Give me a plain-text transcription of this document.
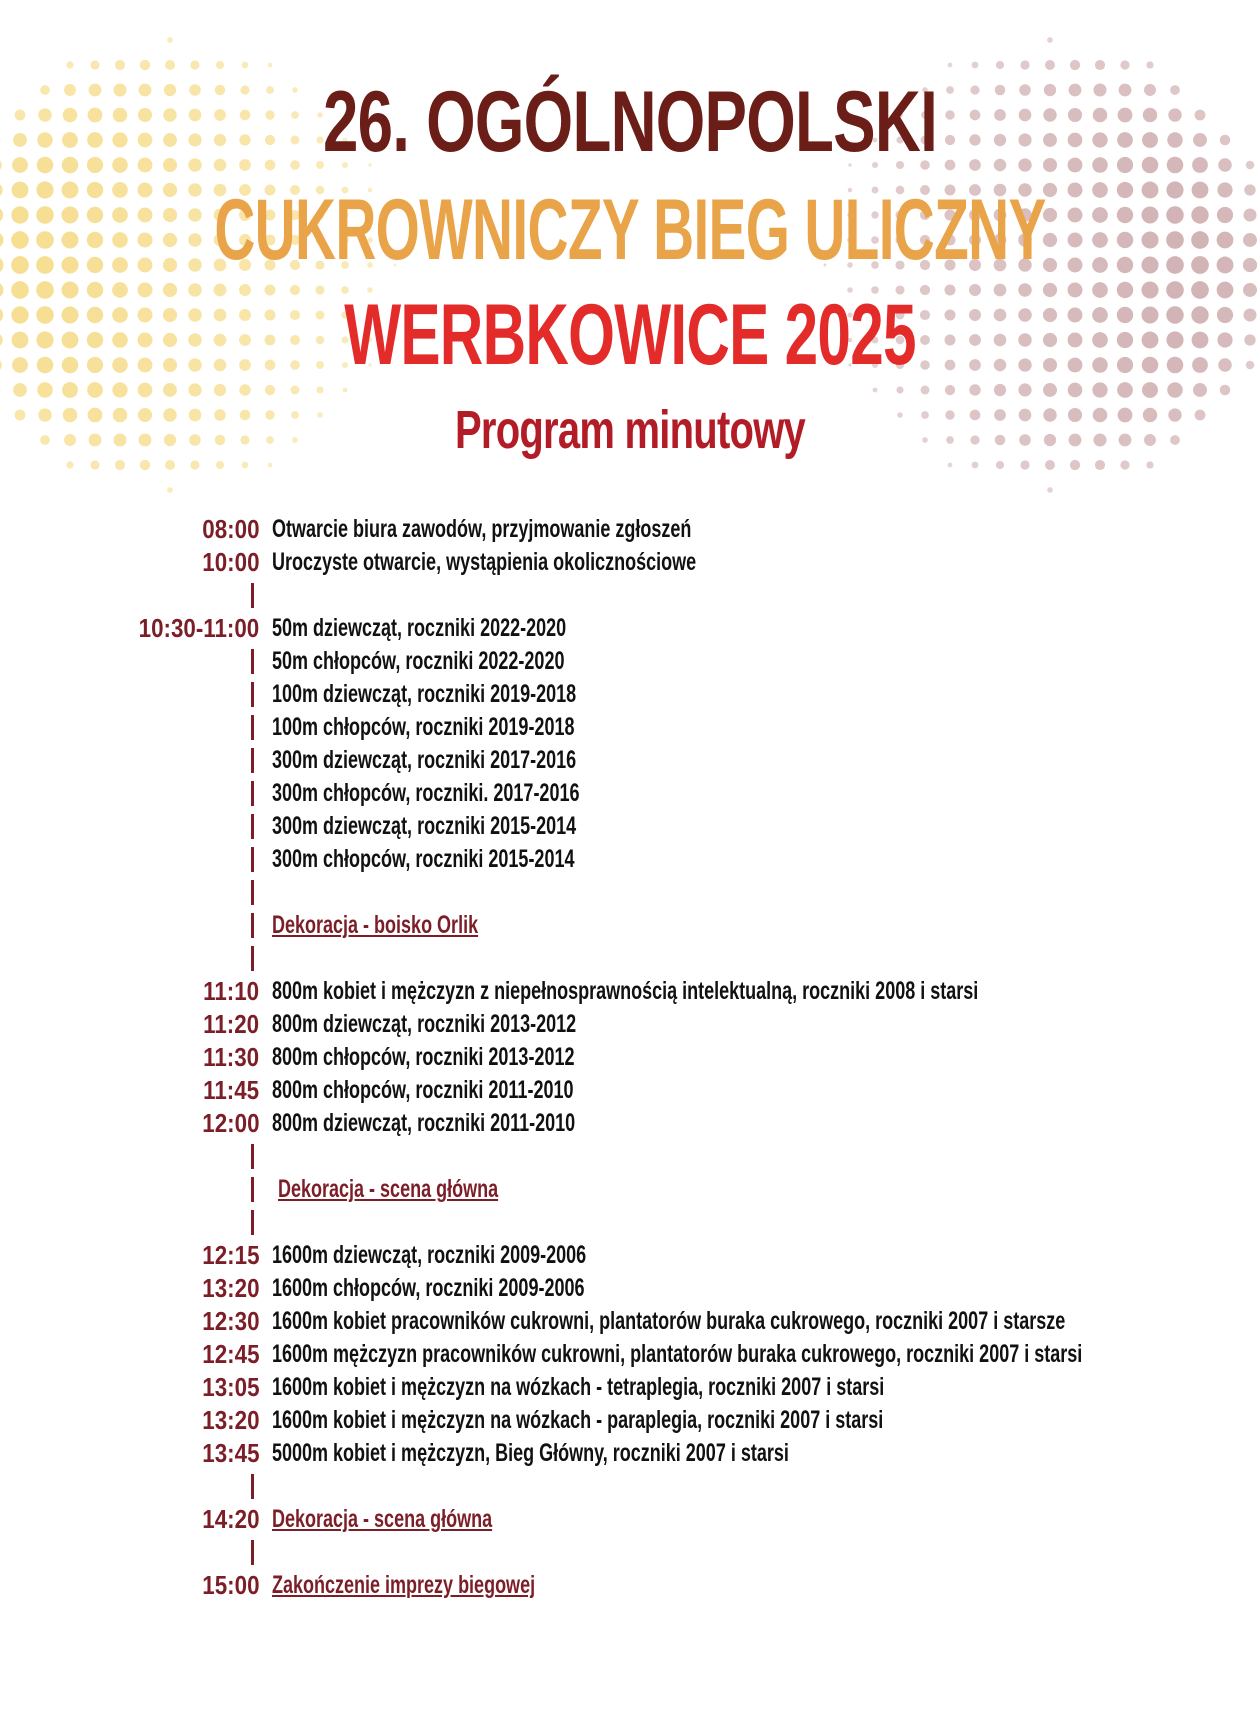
26. OGÓLNOPOLSKI
CUKROWNICZY BIEG ULICZNY
WERBKOWICE 2025
Program minutowy
08:00 Otwarcie biura zawodów, przyjmowanie zgłoszeń
10:00 Uroczyste otwarcie, wystąpienia okolicznościowe
10:30-11:00 50m dziewcząt, roczniki 2022-2020
50m chłopców, roczniki 2022-2020
100m dziewcząt, roczniki 2019-2018
100m chłopców, roczniki 2019-2018
300m dziewcząt, roczniki 2017-2016
300m chłopców, roczniki. 2017-2016
300m dziewcząt, roczniki 2015-2014
300m chłopców, roczniki 2015-2014
Dekoracja - boisko Orlik
11:10 800m kobiet i mężczyzn z niepełnosprawnością intelektualną, roczniki 2008 i starsi
11:20 800m dziewcząt, roczniki 2013-2012
11:30 800m chłopców, roczniki 2013-2012
11:45 800m chłopców, roczniki 2011-2010
12:00 800m dziewcząt, roczniki 2011-2010
Dekoracja - scena główna
12:15 1600m dziewcząt, roczniki 2009-2006
13:20 1600m chłopców, roczniki 2009-2006
12:30 1600m kobiet pracowników cukrowni, plantatorów buraka cukrowego, roczniki 2007 i starsze
12:45 1600m mężczyzn pracowników cukrowni, plantatorów buraka cukrowego, roczniki 2007 i starsi
13:05 1600m kobiet i mężczyzn na wózkach - tetraplegia, roczniki 2007 i starsi
13:20 1600m kobiet i mężczyzn na wózkach - paraplegia, roczniki 2007 i starsi
13:45 5000m kobiet i mężczyzn, Bieg Główny, roczniki 2007 i starsi
14:20 Dekoracja - scena główna
15:00 Zakończenie imprezy biegowej
